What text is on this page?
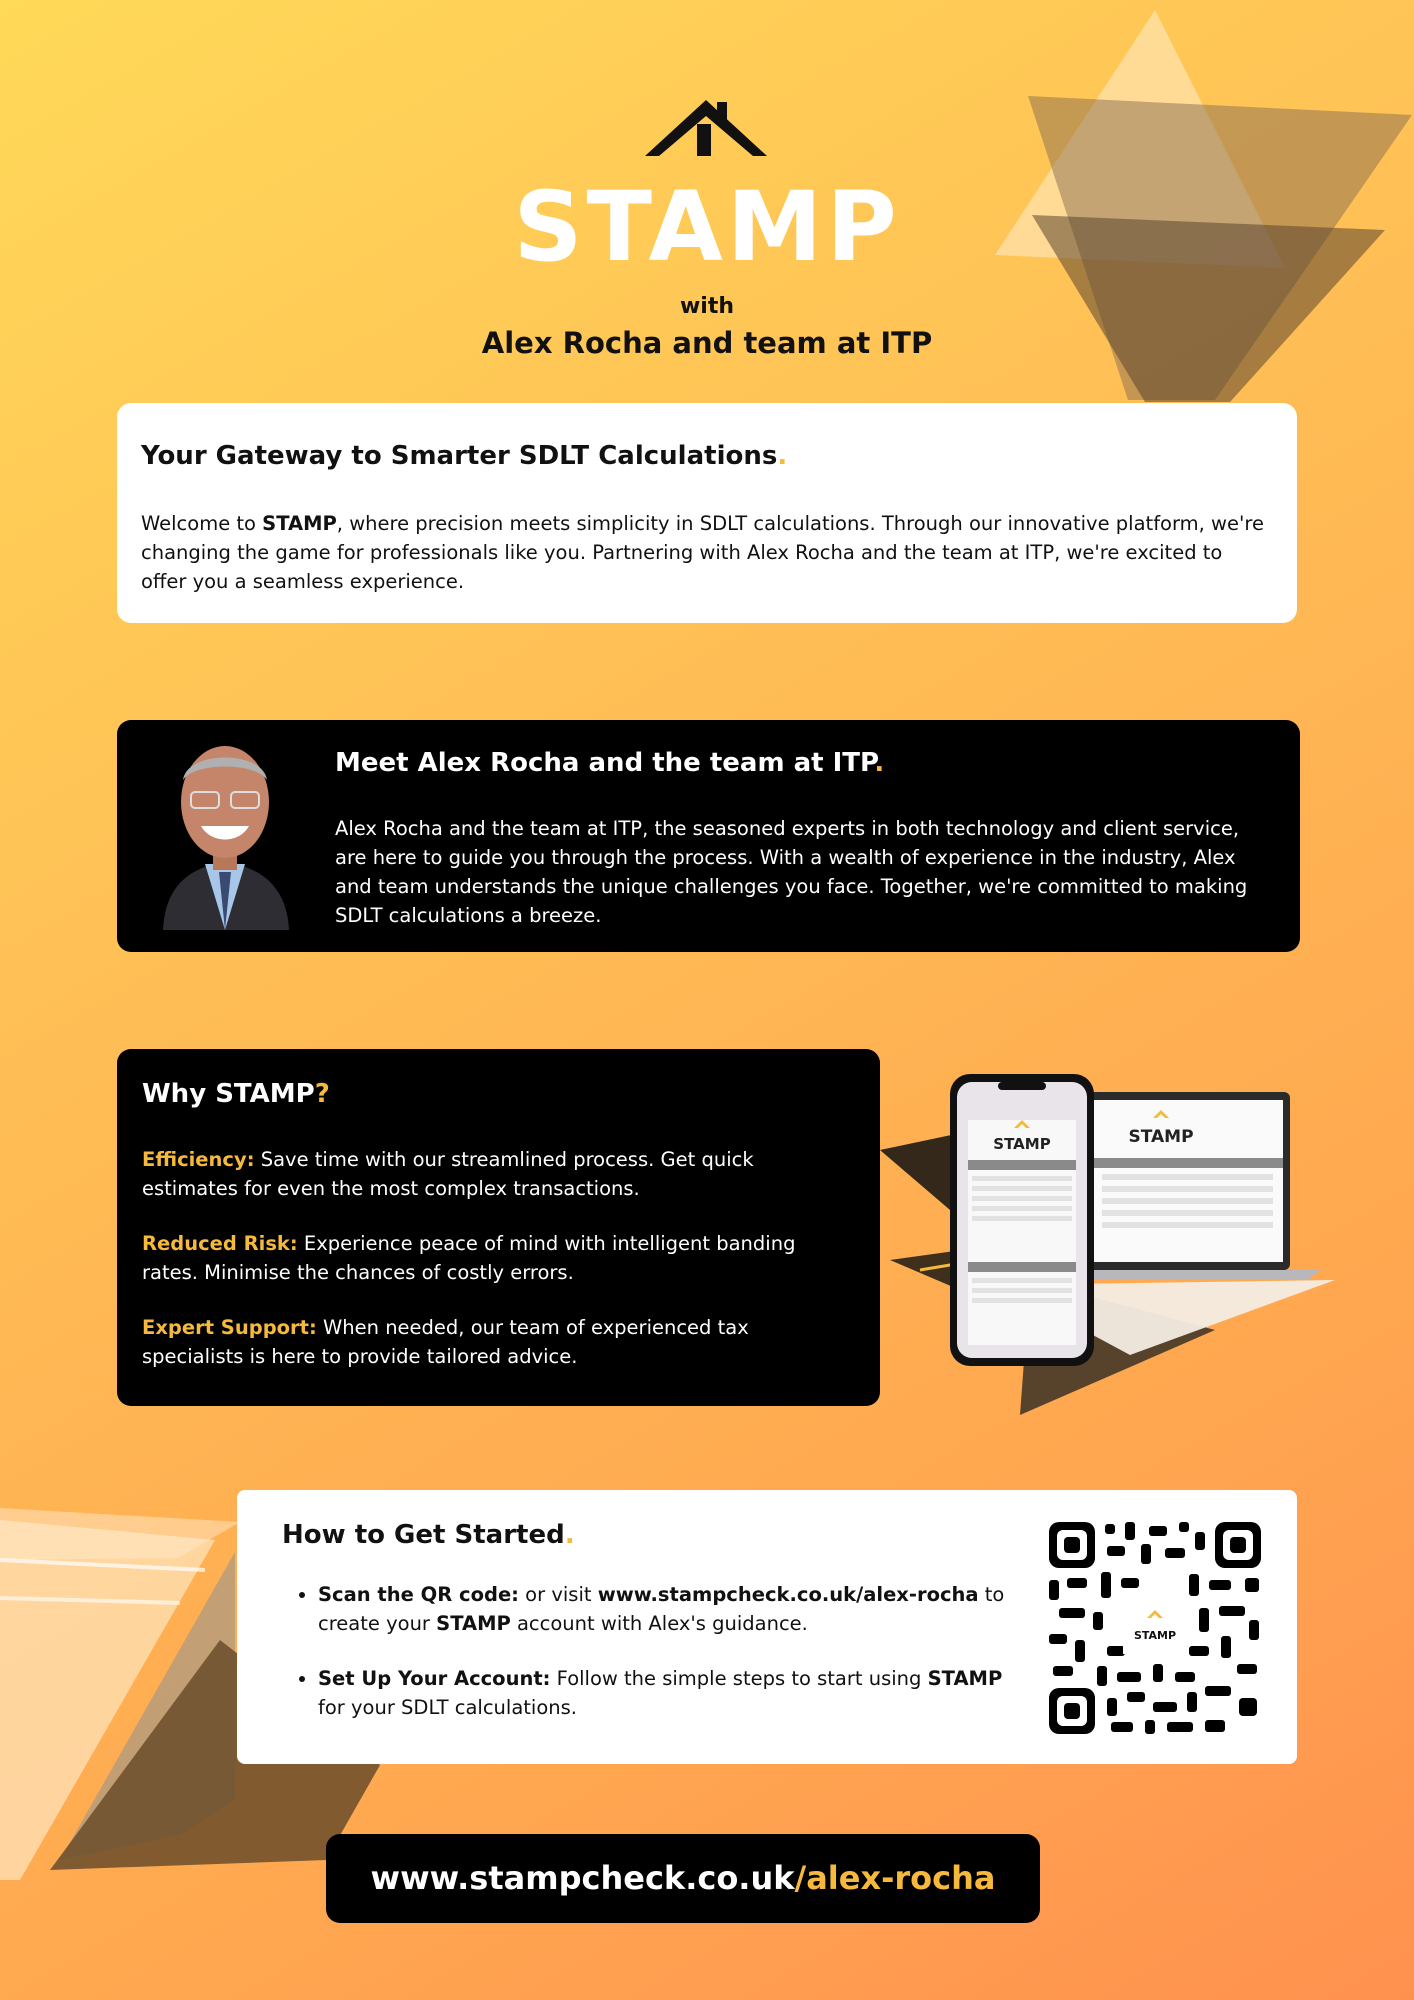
STAMP
with
Alex Rocha and team at ITP
Your Gateway to Smarter SDLT Calculations.

Welcome to STAMP, where precision meets simplicity in SDLT calculations. Through our innovative platform, we're changing the game for professionals like you. Partnering with Alex Rocha and the team at ITP, we're excited to offer you a seamless experience.

Meet Alex Rocha and the team at ITP.

Alex Rocha and the team at ITP, the seasoned experts in both technology and client service, are here to guide you through the process. With a wealth of experience in the industry, Alex and team understands the unique challenges you face. Together, we're committed to making SDLT calculations a breeze.

Why STAMP?
Efficiency: Save time with our streamlined process. Get quick estimates for even the most complex transactions.
Reduced Risk: Experience peace of mind with intelligent banding rates. Minimise the chances of costly errors.
Expert Support: When needed, our team of experienced tax specialists is here to provide tailored advice.
STAMP
STAMP
How to Get Started.
• Scan the QR code: or visit www.stampcheck.co.uk/alex-rocha to create your STAMP account with Alex's guidance.
• Set Up Your Account: Follow the simple steps to start using STAMP for your SDLT calculations.
STAMP
www.stampcheck.co.uk/alex-rocha
